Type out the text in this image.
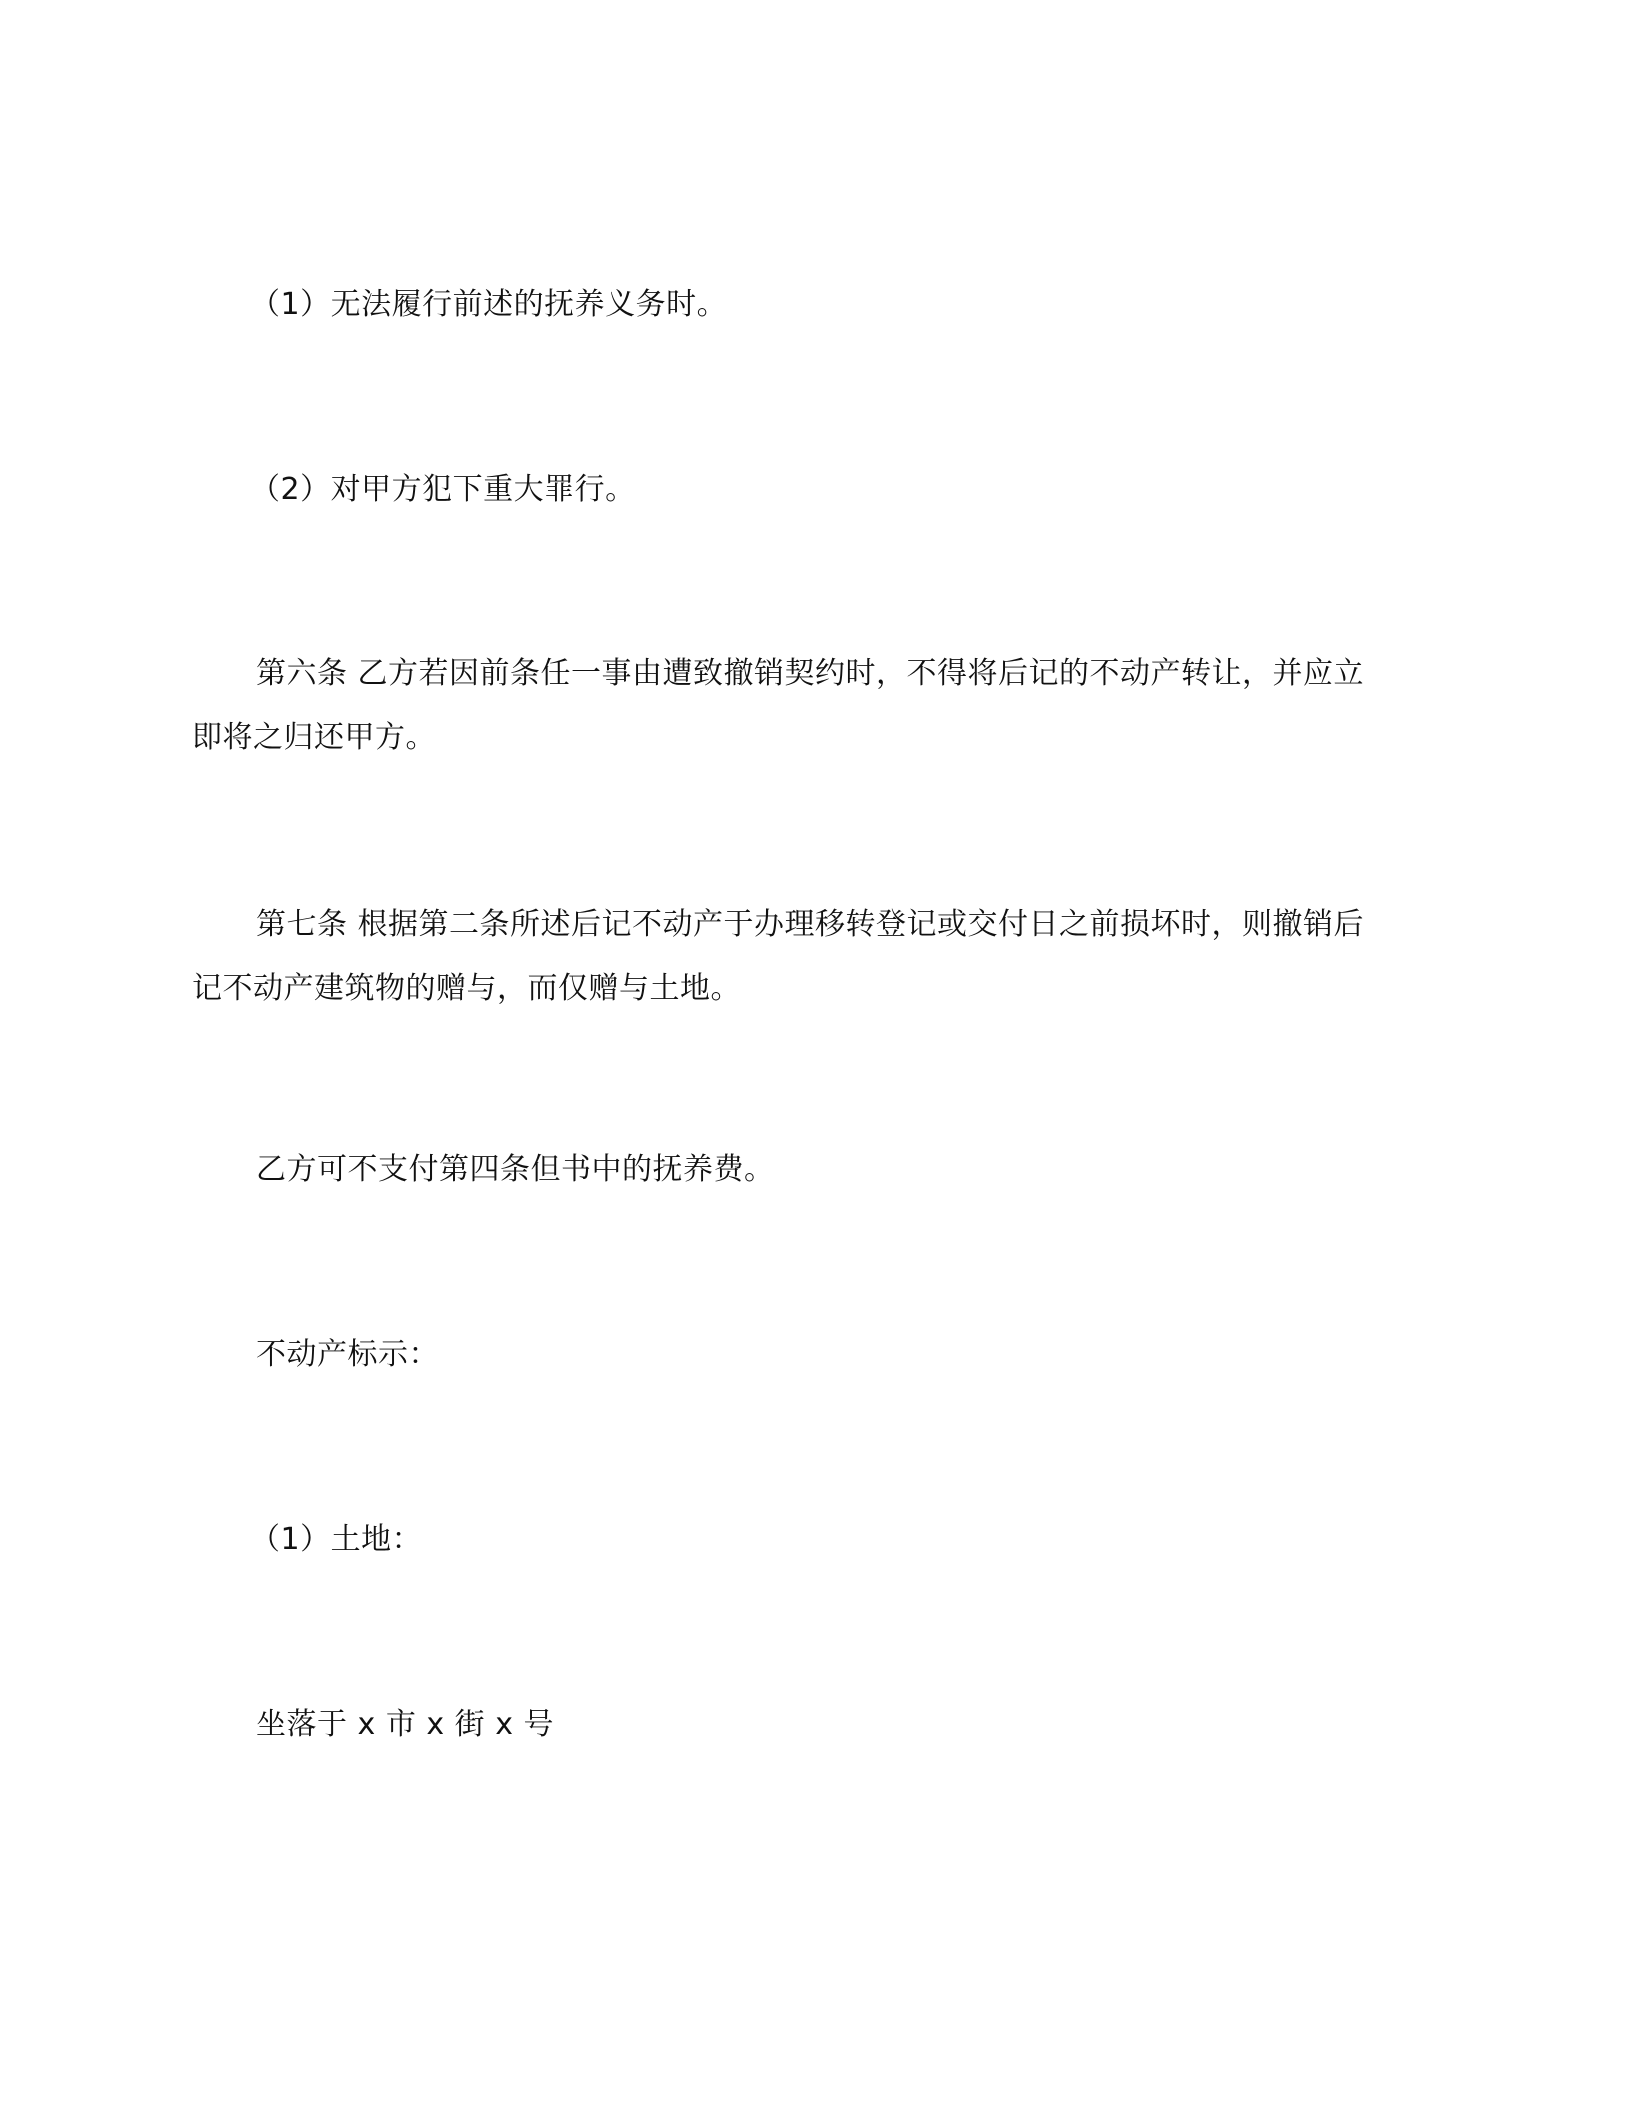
（1）无法履行前述的抚养义务时。
（2）对甲方犯下重大罪行。
第六条 乙方若因前条任一事由遭致撤销契约时，不得将后记的不动产转让，并应立
即将之归还甲方。
第七条 根据第二条所述后记不动产于办理移转登记或交付日之前损坏时，则撤销后
记不动产建筑物的赠与，而仅赠与土地。
乙方可不支付第四条但书中的抚养费。
不动产标示：
（1）土地：
坐落于 x 市 x 街 x 号
